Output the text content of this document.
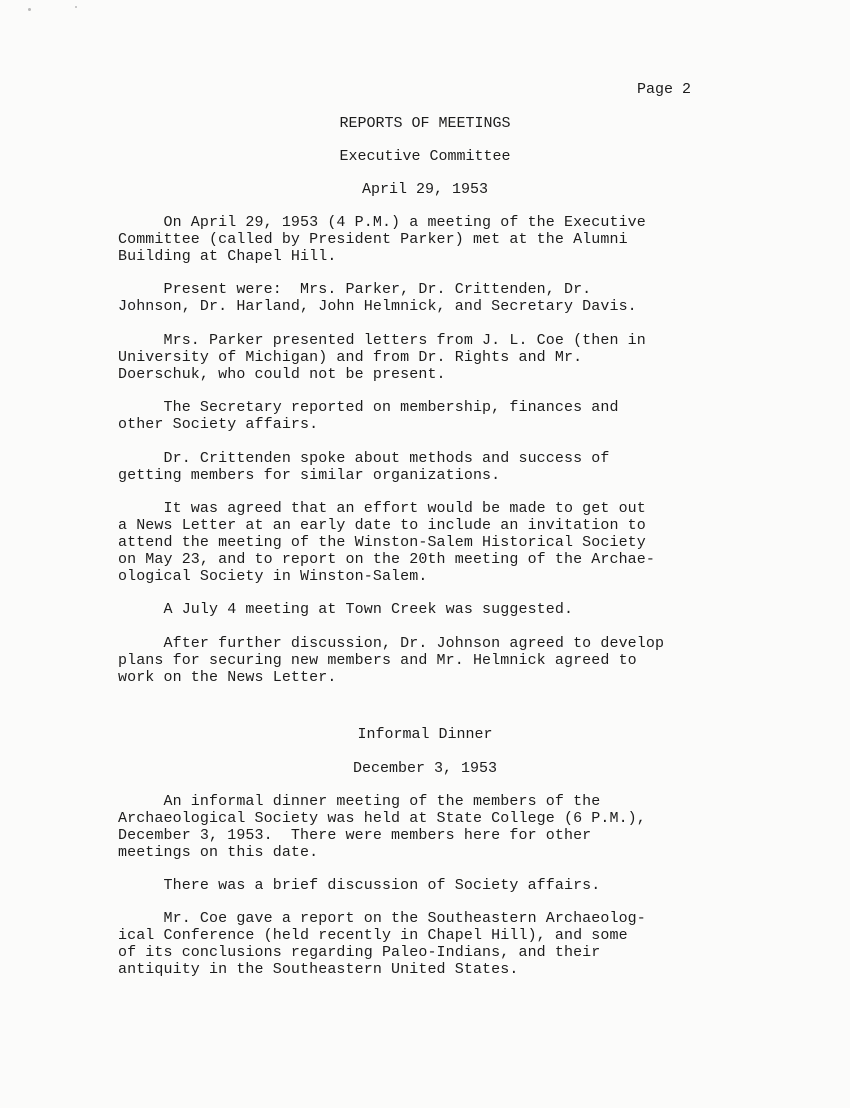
Page 2
REPORTS OF MEETINGS
Executive Committee
April 29, 1953

On April 29, 1953 (4 P.M.) a meeting of the Executive
Committee (called by President Parker) met at the Alumni
Building at Chapel Hill.

Present were:  Mrs. Parker, Dr. Crittenden, Dr.
Johnson, Dr. Harland, John Helmnick, and Secretary Davis.

Mrs. Parker presented letters from J. L. Coe (then in
University of Michigan) and from Dr. Rights and Mr.
Doerschuk, who could not be present.

The Secretary reported on membership, finances and
other Society affairs.

Dr. Crittenden spoke about methods and success of
getting members for similar organizations.

It was agreed that an effort would be made to get out
a News Letter at an early date to include an invitation to
attend the meeting of the Winston-Salem Historical Society
on May 23, and to report on the 20th meeting of the Archae-
ological Society in Winston-Salem.

A July 4 meeting at Town Creek was suggested.

After further discussion, Dr. Johnson agreed to develop
plans for securing new members and Mr. Helmnick agreed to
work on the News Letter.

Informal Dinner
December 3, 1953

An informal dinner meeting of the members of the
Archaeological Society was held at State College (6 P.M.),
December 3, 1953.  There were members here for other
meetings on this date.

There was a brief discussion of Society affairs.

Mr. Coe gave a report on the Southeastern Archaeolog-
ical Conference (held recently in Chapel Hill), and some
of its conclusions regarding Paleo-Indians, and their
antiquity in the Southeastern United States.
